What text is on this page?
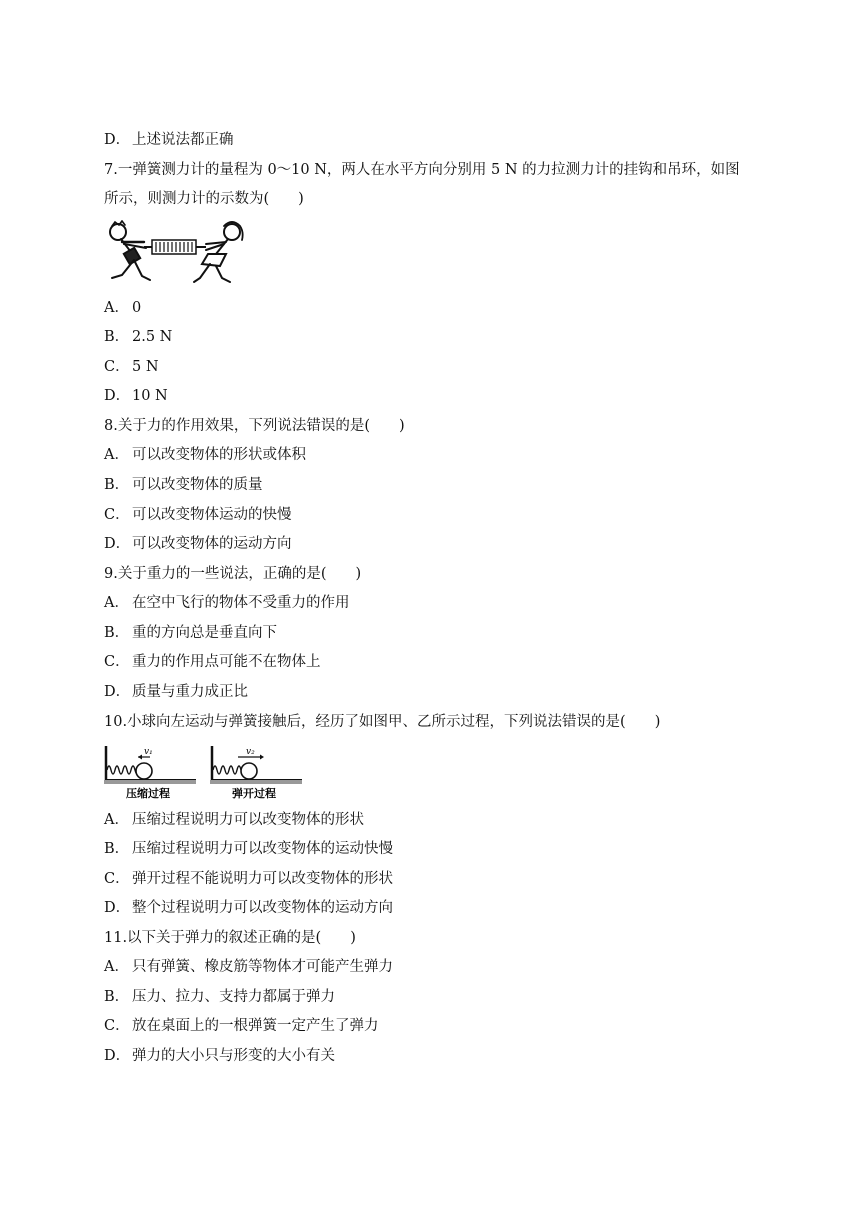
D． 上述说法都正确
7.一弹簧测力计的量程为 0～10 N，两人在水平方向分别用 5 N 的力拉测力计的挂钩和吊环，如图
所示，则测力计的示数为(　　)
A． 0
B． 2.5 N
C． 5 N
D． 10 N
8.关于力的作用效果，下列说法错误的是(　　)
A． 可以改变物体的形状或体积
B． 可以改变物体的质量
C． 可以改变物体运动的快慢
D． 可以改变物体的运动方向
9.关于重力的一些说法，正确的是(　　)
A． 在空中飞行的物体不受重力的作用
B． 重的方向总是垂直向下
C． 重力的作用点可能不在物体上
D． 质量与重力成正比
10.小球向左运动与弹簧接触后，经历了如图甲、乙所示过程，下列说法错误的是(　　)
v₁	v₂
压缩过程	弹开过程
A． 压缩过程说明力可以改变物体的形状
B． 压缩过程说明力可以改变物体的运动快慢
C． 弹开过程不能说明力可以改变物体的形状
D． 整个过程说明力可以改变物体的运动方向
11.以下关于弹力的叙述正确的是(　　)
A． 只有弹簧、橡皮筋等物体才可能产生弹力
B． 压力、拉力、支持力都属于弹力
C． 放在桌面上的一根弹簧一定产生了弹力
D． 弹力的大小只与形变的大小有关
